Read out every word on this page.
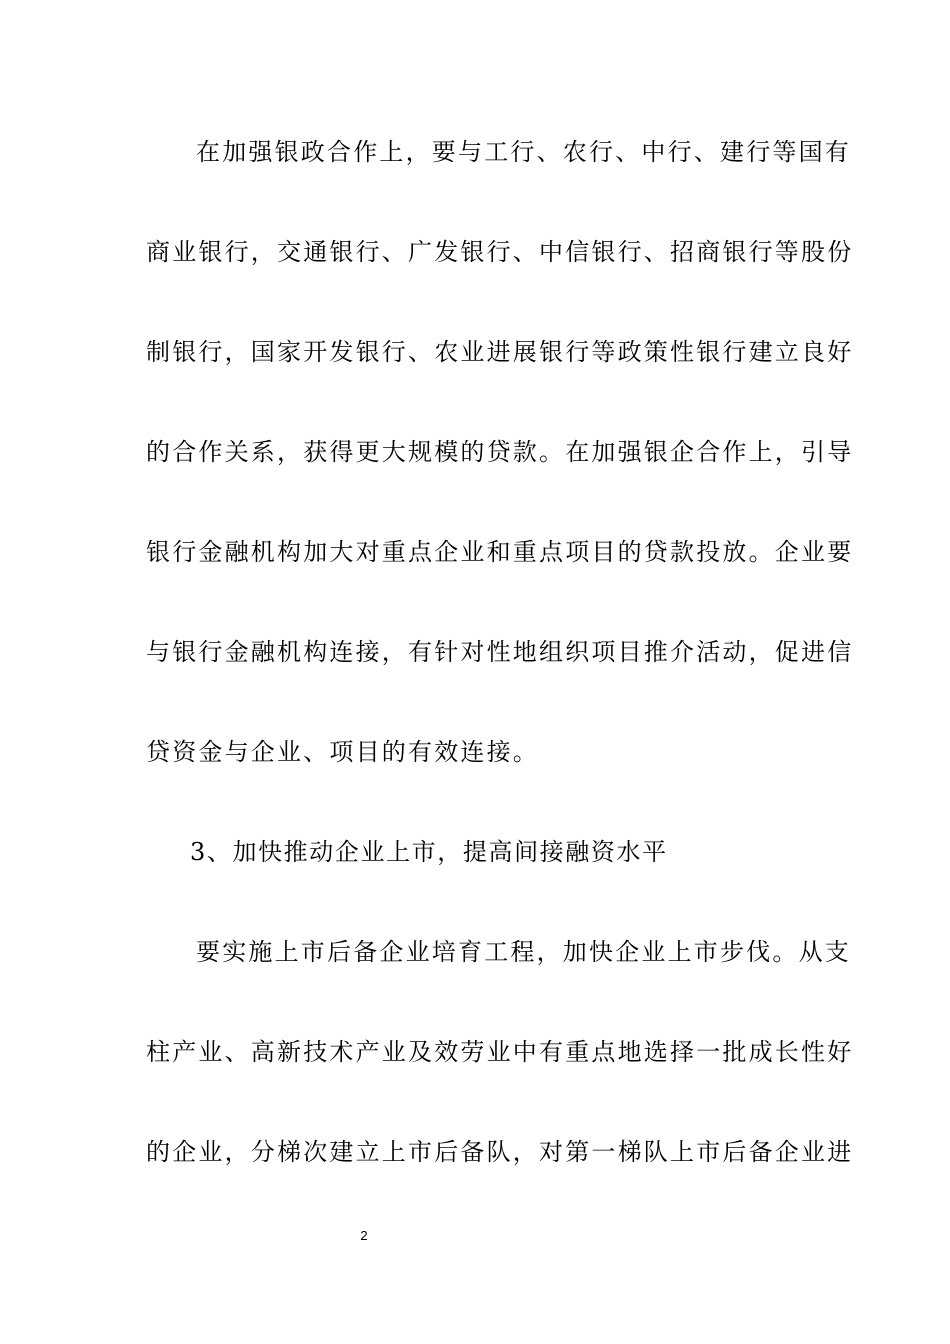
在加强银政合作上，要与工行、农行、中行、建行等国有
商业银行，交通银行、广发银行、中信银行、招商银行等股份
制银行，国家开发银行、农业进展银行等政策性银行建立良好
的合作关系，获得更大规模的贷款。在加强银企合作上，引导
银行金融机构加大对重点企业和重点项目的贷款投放。企业要
与银行金融机构连接，有针对性地组织项目推介活动，促进信
贷资金与企业、项目的有效连接。
3、加快推动企业上市，提高间接融资水平
要实施上市后备企业培育工程，加快企业上市步伐。从支
柱产业、高新技术产业及效劳业中有重点地选择一批成长性好
的企业，分梯次建立上市后备队，对第一梯队上市后备企业进
2
